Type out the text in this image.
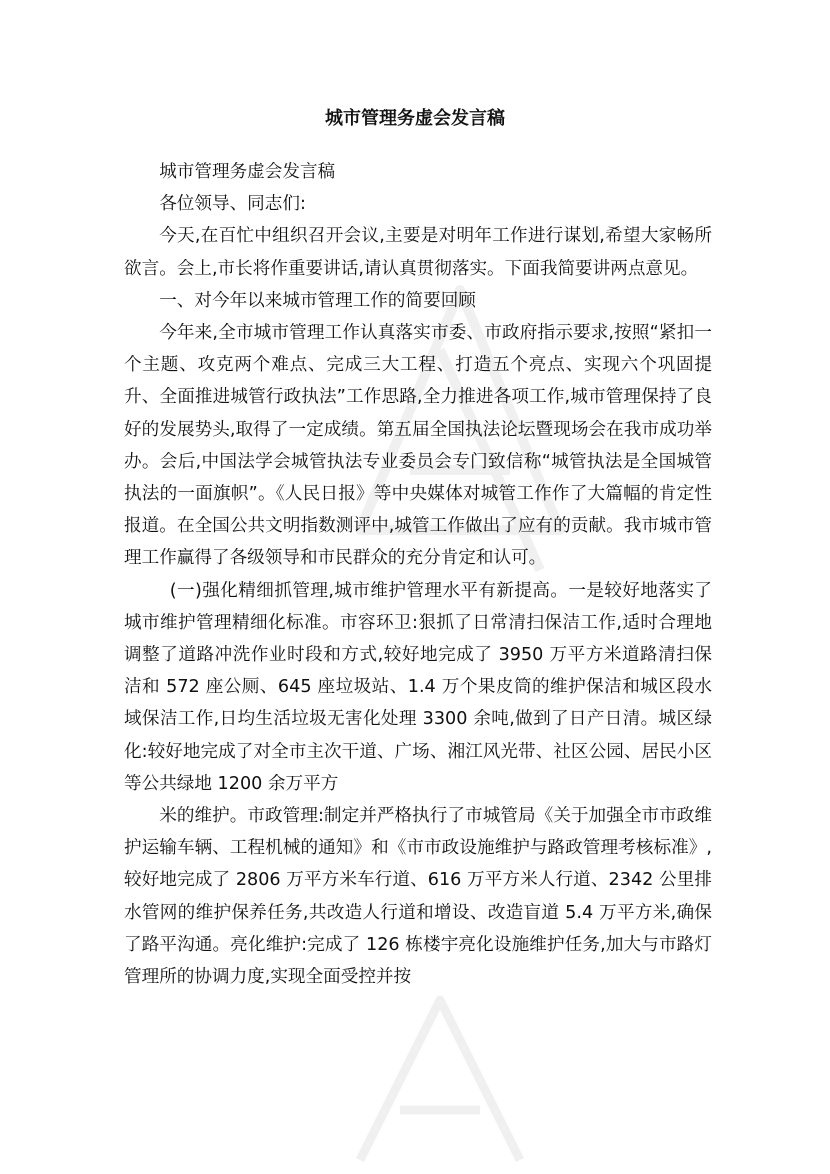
城市管理务虚会发言稿

城市管理务虚会发言稿

各位领导、同志们:

今天,在百忙中组织召开会议,主要是对明年工作进行谋划,希望大家畅所欲言。会上,市长将作重要讲话,请认真贯彻落实。下面我简要讲两点意见。

一、对今年以来城市管理工作的简要回顾

今年来,全市城市管理工作认真落实市委、市政府指示要求,按照“紧扣一个主题、攻克两个难点、完成三大工程、打造五个亮点、实现六个巩固提升、全面推进城管行政执法”工作思路,全力推进各项工作,城市管理保持了良好的发展势头,取得了一定成绩。第五届全国执法论坛暨现场会在我市成功举办。会后,中国法学会城管执法专业委员会专门致信称“城管执法是全国城管执法的一面旗帜”。《人民日报》等中央媒体对城管工作作了大篇幅的肯定性报道。在全国公共文明指数测评中,城管工作做出了应有的贡献。我市城市管理工作赢得了各级领导和市民群众的充分肯定和认可。

(一)强化精细抓管理,城市维护管理水平有新提高。一是较好地落实了城市维护管理精细化标准。市容环卫:狠抓了日常清扫保洁工作,适时合理地调整了道路冲洗作业时段和方式,较好地完成了 3950 万平方米道路清扫保洁和 572 座公厕、645 座垃圾站、1.4 万个果皮筒的维护保洁和城区段水域保洁工作,日均生活垃圾无害化处理 3300 余吨,做到了日产日清。城区绿化:较好地完成了对全市主次干道、广场、湘江风光带、社区公园、居民小区等公共绿地 1200 余万平方

米的维护。市政管理:制定并严格执行了市城管局《关于加强全市市政维护运输车辆、工程机械的通知》和《市市政设施维护与路政管理考核标准》,较好地完成了 2806 万平方米车行道、616 万平方米人行道、2342 公里排水管网的维护保养任务,共改造人行道和增设、改造盲道 5.4 万平方米,确保了路平沟通。亮化维护:完成了 126 栋楼宇亮化设施维护任务,加大与市路灯管理所的协调力度,实现全面受控并按
